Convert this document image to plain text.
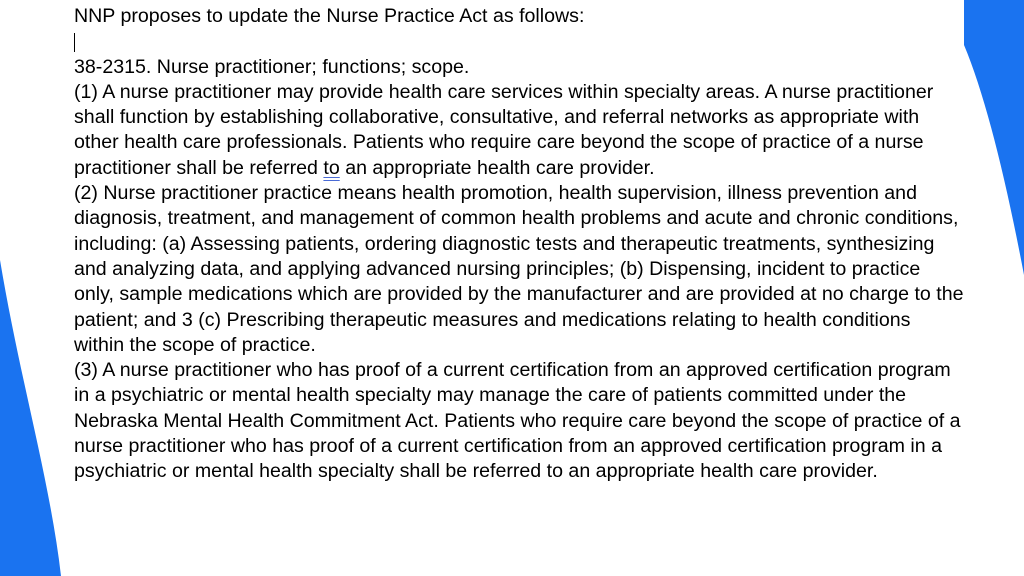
NNP proposes to update the Nurse Practice Act as follows:

38-2315. Nurse practitioner; functions; scope.

(1) A nurse practitioner may provide health care services within specialty areas. A nurse practitioner shall function by establishing collaborative, consultative, and referral networks as appropriate with other health care professionals. Patients who require care beyond the scope of practice of a nurse practitioner shall be referred to an appropriate health care provider.

(2) Nurse practitioner practice means health promotion, health supervision, illness prevention and diagnosis, treatment, and management of common health problems and acute and chronic conditions, including: (a) Assessing patients, ordering diagnostic tests and therapeutic treatments, synthesizing and analyzing data, and applying advanced nursing principles; (b) Dispensing, incident to practice only, sample medications which are provided by the manufacturer and are provided at no charge to the patient; and 3 (c) Prescribing therapeutic measures and medications relating to health conditions within the scope of practice.

(3) A nurse practitioner who has proof of a current certification from an approved certification program in a psychiatric or mental health specialty may manage the care of patients committed under the Nebraska Mental Health Commitment Act. Patients who require care beyond the scope of practice of a nurse practitioner who has proof of a current certification from an approved certification program in a psychiatric or mental health specialty shall be referred to an appropriate health care provider.
